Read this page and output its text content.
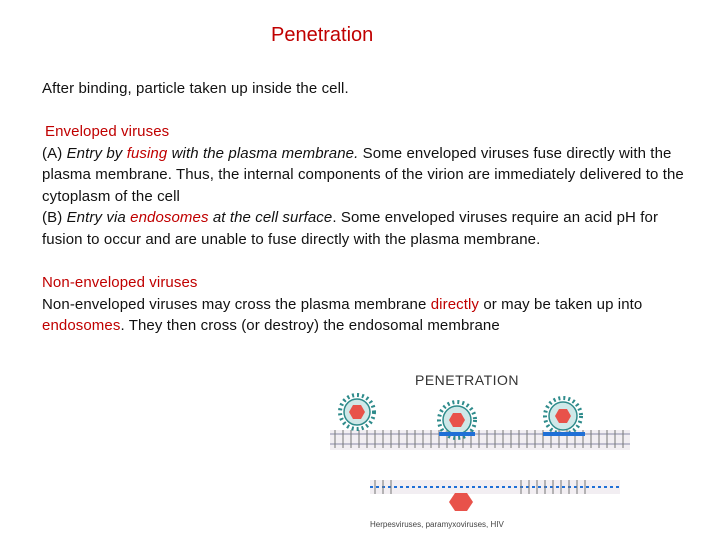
Penetration
After binding, particle taken up inside the cell.
Enveloped viruses
(A) Entry by fusing with the plasma membrane. Some enveloped viruses fuse directly with the plasma membrane. Thus, the internal components of the virion are immediately delivered to the cytoplasm of the cell
(B) Entry via endosomes at the cell surface. Some enveloped viruses require an acid pH for fusion to occur and are unable to fuse directly with the plasma membrane.
Non-enveloped viruses
Non-enveloped viruses may cross the plasma membrane directly or may be taken up into endosomes. They then cross (or destroy) the endosomal membrane
PENETRATION
Herpesviruses, paramyxoviruses, HIV
